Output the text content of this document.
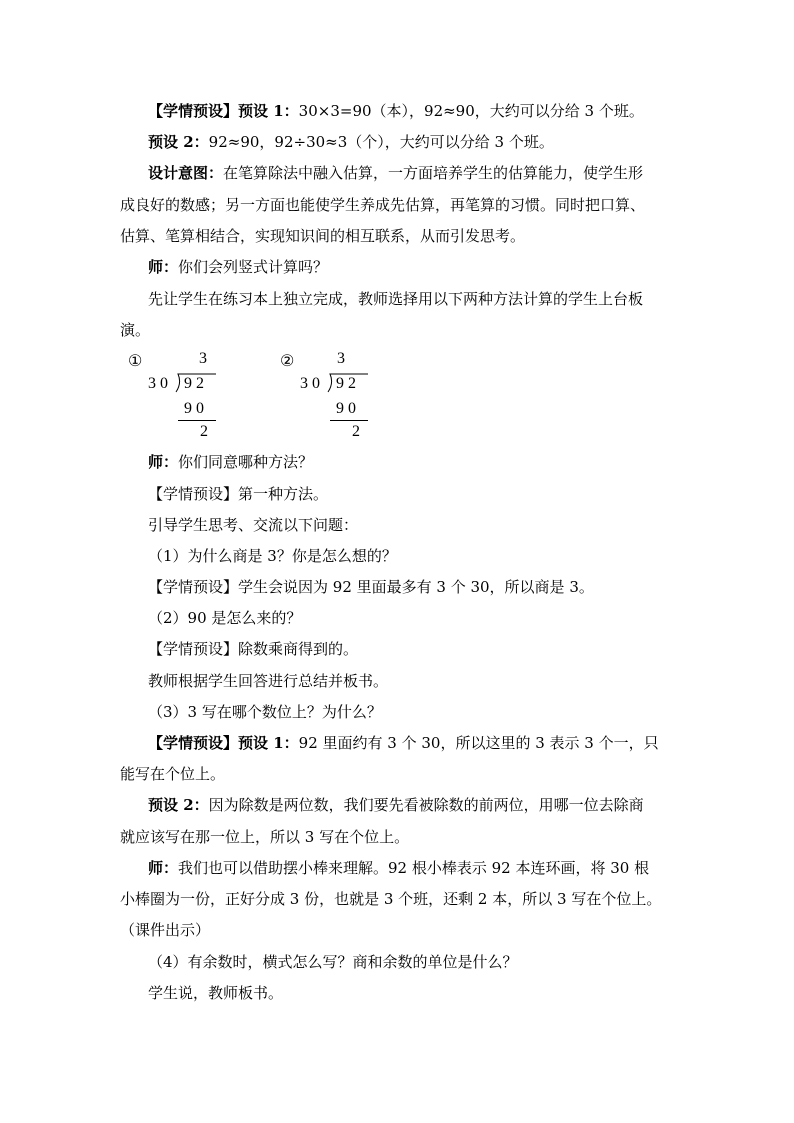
【学情预设】预设 1：30×3=90（本），92≈90，大约可以分给 3 个班。
预设 2：92≈90，92÷30≈3（个），大约可以分给 3 个班。
设计意图：在笔算除法中融入估算，一方面培养学生的估算能力，使学生形
成良好的数感；另一方面也能使学生养成先估算，再笔算的习惯。同时把口算、
估算、笔算相结合，实现知识间的相互联系，从而引发思考。
师：你们会列竖式计算吗？
先让学生在练习本上独立完成，教师选择用以下两种方法计算的学生上台板
演。
①	3
30 92
90
2
②	3
30 92
90
2
师：你们同意哪种方法？
【学情预设】第一种方法。
引导学生思考、交流以下问题：
（1）为什么商是 3？你是怎么想的？
【学情预设】学生会说因为 92 里面最多有 3 个 30，所以商是 3。
（2）90 是怎么来的？
【学情预设】除数乘商得到的。
教师根据学生回答进行总结并板书。
（3）3 写在哪个数位上？为什么？
【学情预设】预设 1：92 里面约有 3 个 30，所以这里的 3 表示 3 个一，只
能写在个位上。
预设 2：因为除数是两位数，我们要先看被除数的前两位，用哪一位去除商
就应该写在那一位上，所以 3 写在个位上。
师：我们也可以借助摆小棒来理解。92 根小棒表示 92 本连环画，将 30 根
小棒圈为一份，正好分成 3 份，也就是 3 个班，还剩 2 本，所以 3 写在个位上。
（课件出示）
（4）有余数时，横式怎么写？商和余数的单位是什么？
学生说，教师板书。
